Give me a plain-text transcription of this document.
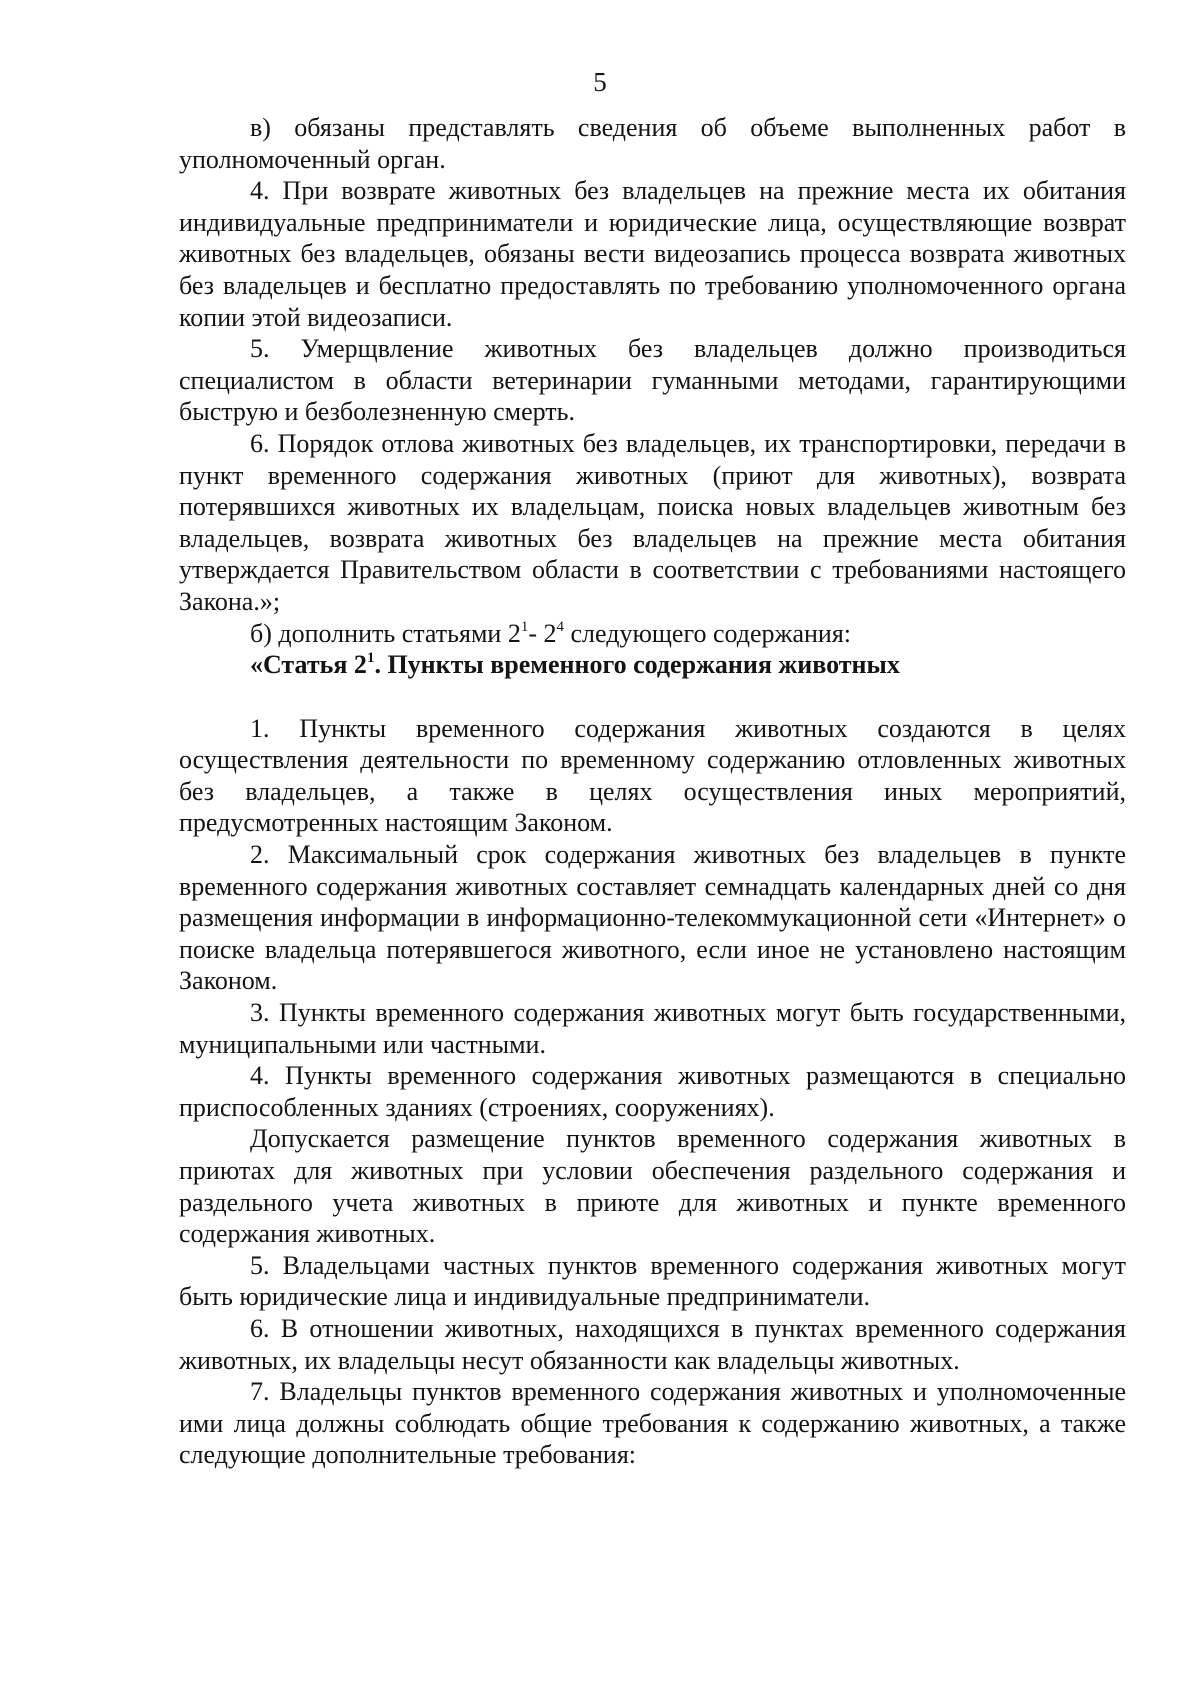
5

в) обязаны представлять сведения об объеме выполненных работ в уполномоченный орган.

4. При возврате животных без владельцев на прежние места их обитания индивидуальные предприниматели и юридические лица, осуществляющие возврат животных без владельцев, обязаны вести видеозапись процесса возврата животных без владельцев и бесплатно предоставлять по требованию уполномоченного органа копии этой видеозаписи.

5. Умерщвление животных без владельцев должно производиться специалистом в области ветеринарии гуманными методами, гарантирующими быструю и безболезненную смерть.

6. Порядок отлова животных без владельцев, их транспортировки, передачи в пункт временного содержания животных (приют для животных), возврата потерявшихся животных их владельцам, поиска новых владельцев животным без владельцев, возврата животных без владельцев на прежние места обитания утверждается Правительством области в соответствии с требованиями настоящего Закона.»;

б) дополнить статьями $2^1-$ $2^4$ следующего содержания:

«Статья $2^1$. Пункты временного содержания животных

1. Пункты временного содержания животных создаются в целях осуществления деятельности по временному содержанию отловленных животных без владельцев, а также в целях осуществления иных мероприятий, предусмотренных настоящим Законом.

2. Максимальный срок содержания животных без владельцев в пункте временного содержания животных составляет семнадцать календарных дней со дня размещения информации в информационно-телекоммукационной сети «Интернет» о поиске владельца потерявшегося животного, если иное не установлено настоящим Законом.

3. Пункты временного содержания животных могут быть государственными, муниципальными или частными.

4. Пункты временного содержания животных размещаются в специально приспособленных зданиях (строениях, сооружениях).

Допускается размещение пунктов временного содержания животных в приютах для животных при условии обеспечения раздельного содержания и раздельного учета животных в приюте для животных и пункте временного содержания животных.

5. Владельцами частных пунктов временного содержания животных могут быть юридические лица и индивидуальные предприниматели.

6. В отношении животных, находящихся в пунктах временного содержания животных, их владельцы несут обязанности как владельцы животных.

7. Владельцы пунктов временного содержания животных и уполномоченные ими лица должны соблюдать общие требования к содержанию животных, а также следующие дополнительные требования:
